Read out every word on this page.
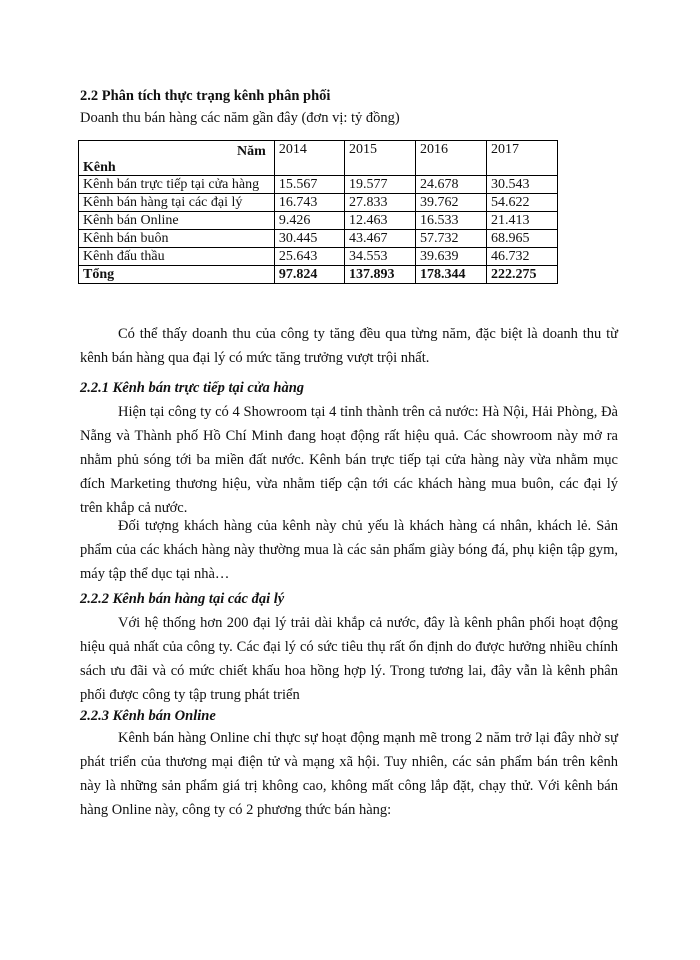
2.2 Phân tích thực trạng kênh phân phối

Doanh thu bán hàng các năm gần đây (đơn vị: tỷ đồng)

Năm
Kênh	2014	2015	2016	2017
Kênh bán trực tiếp tại cửa hàng	15.567	19.577	24.678	30.543
Kênh bán hàng tại các đại lý	16.743	27.833	39.762	54.622
Kênh bán Online	9.426	12.463	16.533	21.413
Kênh bán buôn	30.445	43.467	57.732	68.965
Kênh đấu thầu	25.643	34.553	39.639	46.732
Tổng	97.824	137.893	178.344	222.275

Có thể thấy doanh thu của công ty tăng đều qua từng năm, đặc biệt là doanh thu từ kênh bán hàng qua đại lý có mức tăng trưởng vượt trội nhất.

2.2.1 Kênh bán trực tiếp tại cửa hàng

Hiện tại công ty có 4 Showroom tại 4 tỉnh thành trên cả nước: Hà Nội, Hải Phòng, Đà Nẵng và Thành phố Hồ Chí Minh đang hoạt động rất hiệu quả. Các showroom này mở ra nhằm phủ sóng tới ba miền đất nước. Kênh bán trực tiếp tại cửa hàng này vừa nhằm mục đích Marketing thương hiệu, vừa nhằm tiếp cận tới các khách hàng mua buôn, các đại lý trên khắp cả nước.

Đối tượng khách hàng của kênh này chủ yếu là khách hàng cá nhân, khách lẻ. Sản phẩm của các khách hàng này thường mua là các sản phẩm giày bóng đá, phụ kiện tập gym, máy tập thể dục tại nhà…

2.2.2 Kênh bán hàng tại các đại lý

Với hệ thống hơn 200 đại lý trải dài khắp cả nước, đây là kênh phân phối hoạt động hiệu quả nhất của công ty. Các đại lý có sức tiêu thụ rất ổn định do được hưởng nhiều chính sách ưu đãi và có mức chiết khấu hoa hồng hợp lý. Trong tương lai, đây vẫn là kênh phân phối được công ty tập trung phát triển

2.2.3 Kênh bán Online

Kênh bán hàng Online chỉ thực sự hoạt động mạnh mẽ trong 2 năm trở lại đây nhờ sự phát triển của thương mại điện tử và mạng xã hội. Tuy nhiên, các sản phẩm bán trên kênh này là những sản phẩm giá trị không cao, không mất công lắp đặt, chạy thử. Với kênh bán hàng Online này, công ty có 2 phương thức bán hàng:
